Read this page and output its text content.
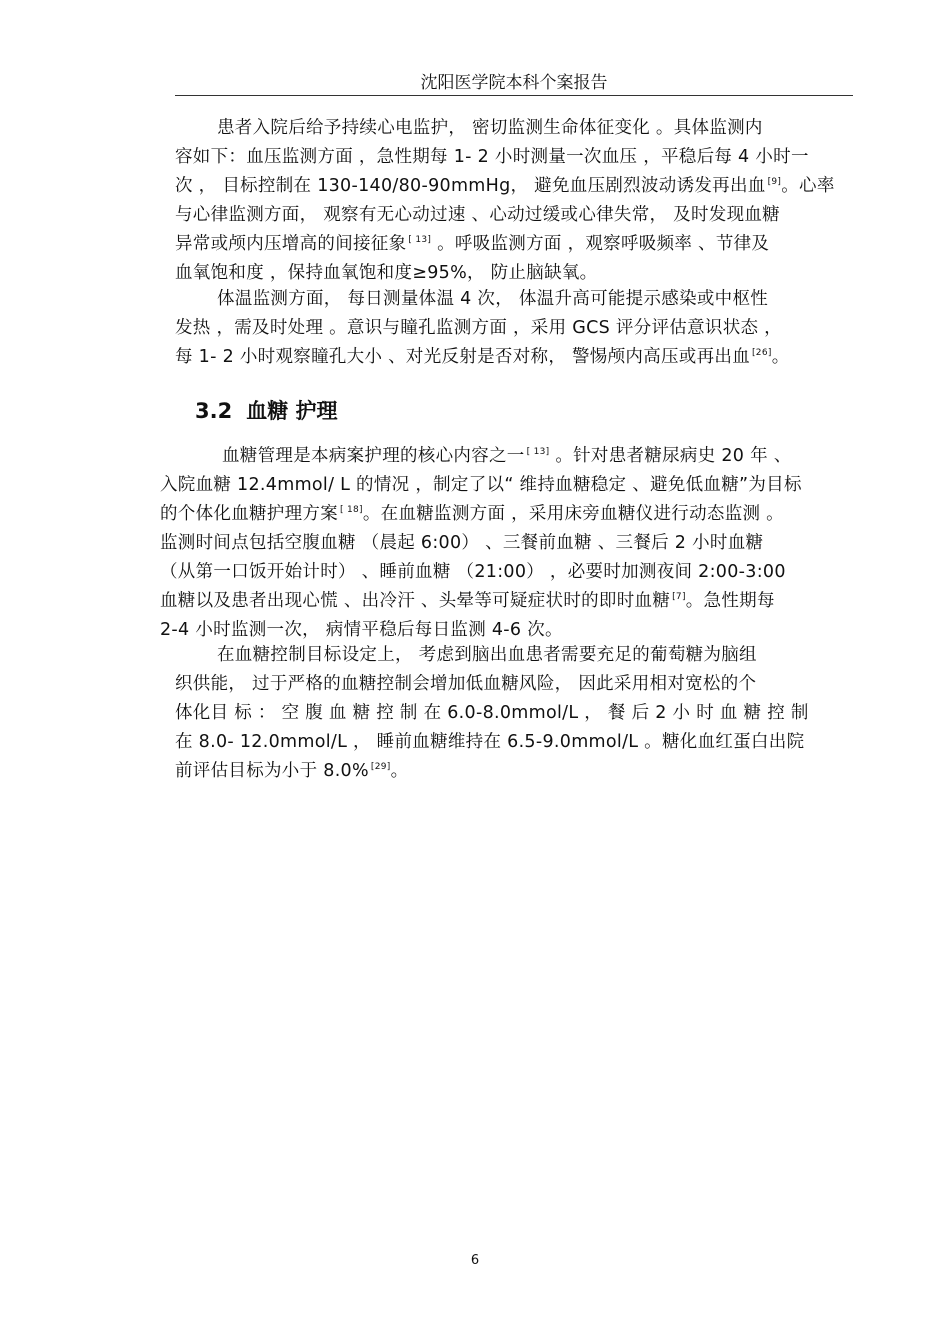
沈阳医学院本科个案报告

患者入院后给予持续心电监护， 密切监测生命体征变化 。具体监测内

容如下：血压监测方面 ，急性期每 1- 2 小时测量一次血压 ，平稳后每 4 小时一

次 ， 目标控制在 130-140/80-90mmHg， 避免血压剧烈波动诱发再出血 [9]。心率

与心律监测方面， 观察有无心动过速 、心动过缓或心律失常， 及时发现血糖

异常或颅内压增高的间接征象 [ 13] 。呼吸监测方面 ，观察呼吸频率 、节律及

血氧饱和度 ，保持血氧饱和度≥95%， 防止脑缺氧。

体温监测方面， 每日测量体温 4 次， 体温升高可能提示感染或中枢性

发热 ，需及时处理 。意识与瞳孔监测方面 ，采用 GCS 评分评估意识状态 ，

每 1- 2 小时观察瞳孔大小 、对光反射是否对称， 警惕颅内高压或再出血 [26]。

3.2 血糖 护理

血糖管理是本病案护理的核心内容之一 [ 13] 。针对患者糖尿病史 20 年 、

入院血糖 12.4mmol/ L 的情况 ，制定了以“ 维持血糖稳定 、避免低血糖”为目标

的个体化血糖护理方案 [ 18]。在血糖监测方面 ，采用床旁血糖仪进行动态监测 。

监测时间点包括空腹血糖 （晨起 6:00） 、三餐前血糖 、三餐后 2 小时血糖

（从第一口饭开始计时） 、睡前血糖 （21:00） ，必要时加测夜间 2:00-3:00

血糖以及患者出现心慌 、出冷汗 、头晕等可疑症状时的即时血糖 [7]。急性期每

2-4 小时监测一次， 病情平稳后每日监测 4-6 次。

在血糖控制目标设定上， 考虑到脑出血患者需要充足的葡萄糖为脑组

织供能， 过于严格的血糖控制会增加低血糖风险， 因此采用相对宽松的个

体化目 标 ： 空 腹 血 糖 控 制 在 6.0-8.0mmol/L ， 餐 后 2 小 时 血 糖 控 制

在 8.0- 12.0mmol/L ， 睡前血糖维持在 6.5-9.0mmol/L 。糖化血红蛋白出院

前评估目标为小于 8.0% [29]。

6
